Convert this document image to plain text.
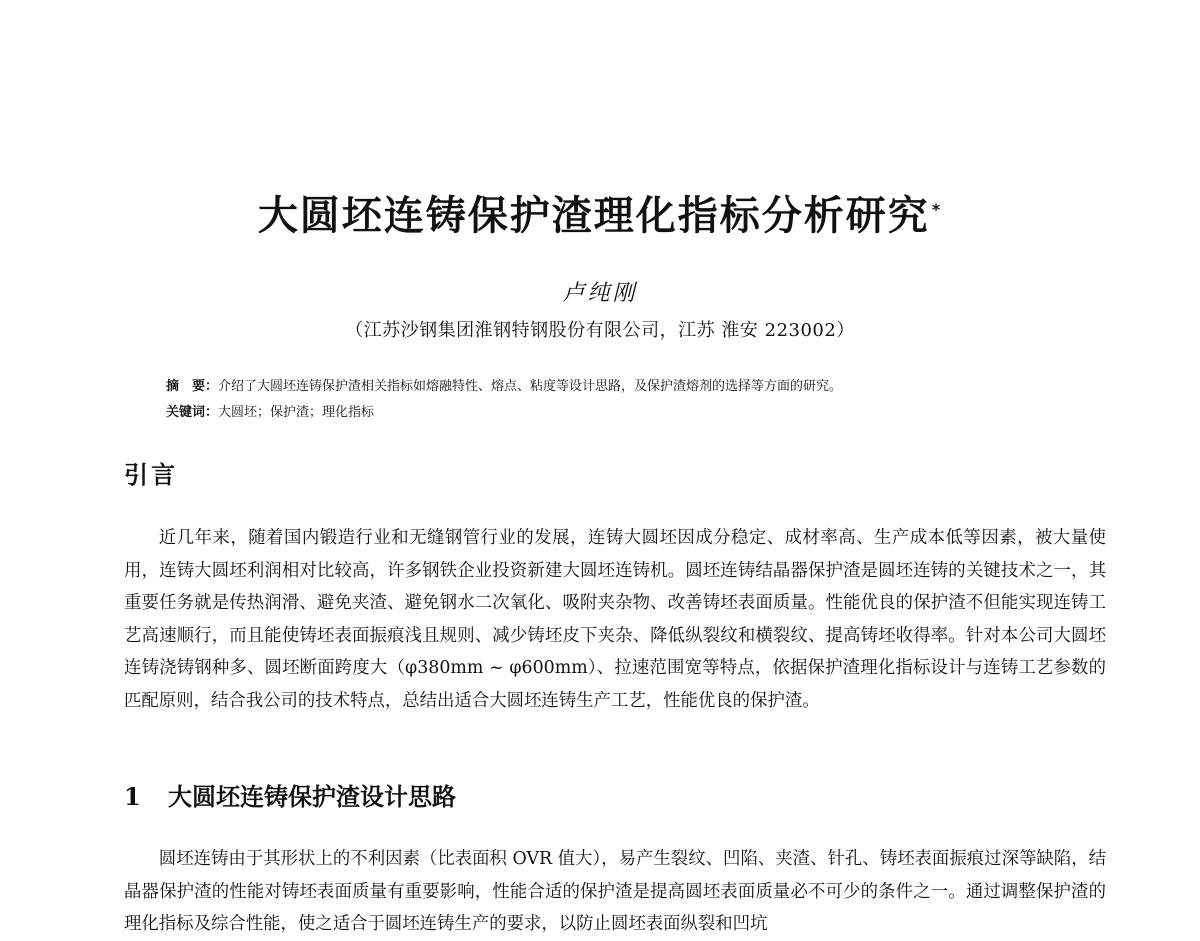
大圆坯连铸保护渣理化指标分析研究 *
卢纯刚
（江苏沙钢集团淮钢特钢股份有限公司，江苏 淮安 223002）
摘　要：介绍了大圆坯连铸保护渣相关指标如熔融特性、熔点、粘度等设计思路，及保护渣熔剂的选择等方面的研究。
关键词：大圆坯；保护渣；理化指标
引言

近几年来，随着国内锻造行业和无缝钢管行业的发展，连铸大圆坯因成分稳定、成材率高、生产成本低等因素，被大量使用，连铸大圆坯利润相对比较高，许多钢铁企业投资新建大圆坯连铸机。圆坯连铸结晶器保护渣是圆坯连铸的关键技术之一，其重要任务就是传热润滑、避免夹渣、避免钢水二次氧化、吸附夹杂物、改善铸坯表面质量。性能优良的保护渣不但能实现连铸工艺高速顺行，而且能使铸坯表面振痕浅且规则、减少铸坯皮下夹杂、降低纵裂纹和横裂纹、提高铸坯收得率。针对本公司大圆坯连铸浇铸钢种多、圆坯断面跨度大（φ380mm ~ φ600mm）、拉速范围宽等特点，依据保护渣理化指标设计与连铸工艺参数的匹配原则，结合我公司的技术特点，总结出适合大圆坯连铸生产工艺，性能优良的保护渣。

1 大圆坯连铸保护渣设计思路

圆坯连铸由于其形状上的不利因素（比表面积 OVR 值大），易产生裂纹、凹陷、夹渣、针孔、铸坯表面振痕过深等缺陷，结晶器保护渣的性能对铸坯表面质量有重要影响，性能合适的保护渣是提高圆坯表面质量必不可少的条件之一。通过调整保护渣的理化指标及综合性能，使之适合于圆坯连铸生产的要求，以防止圆坯表面纵裂和凹坑
